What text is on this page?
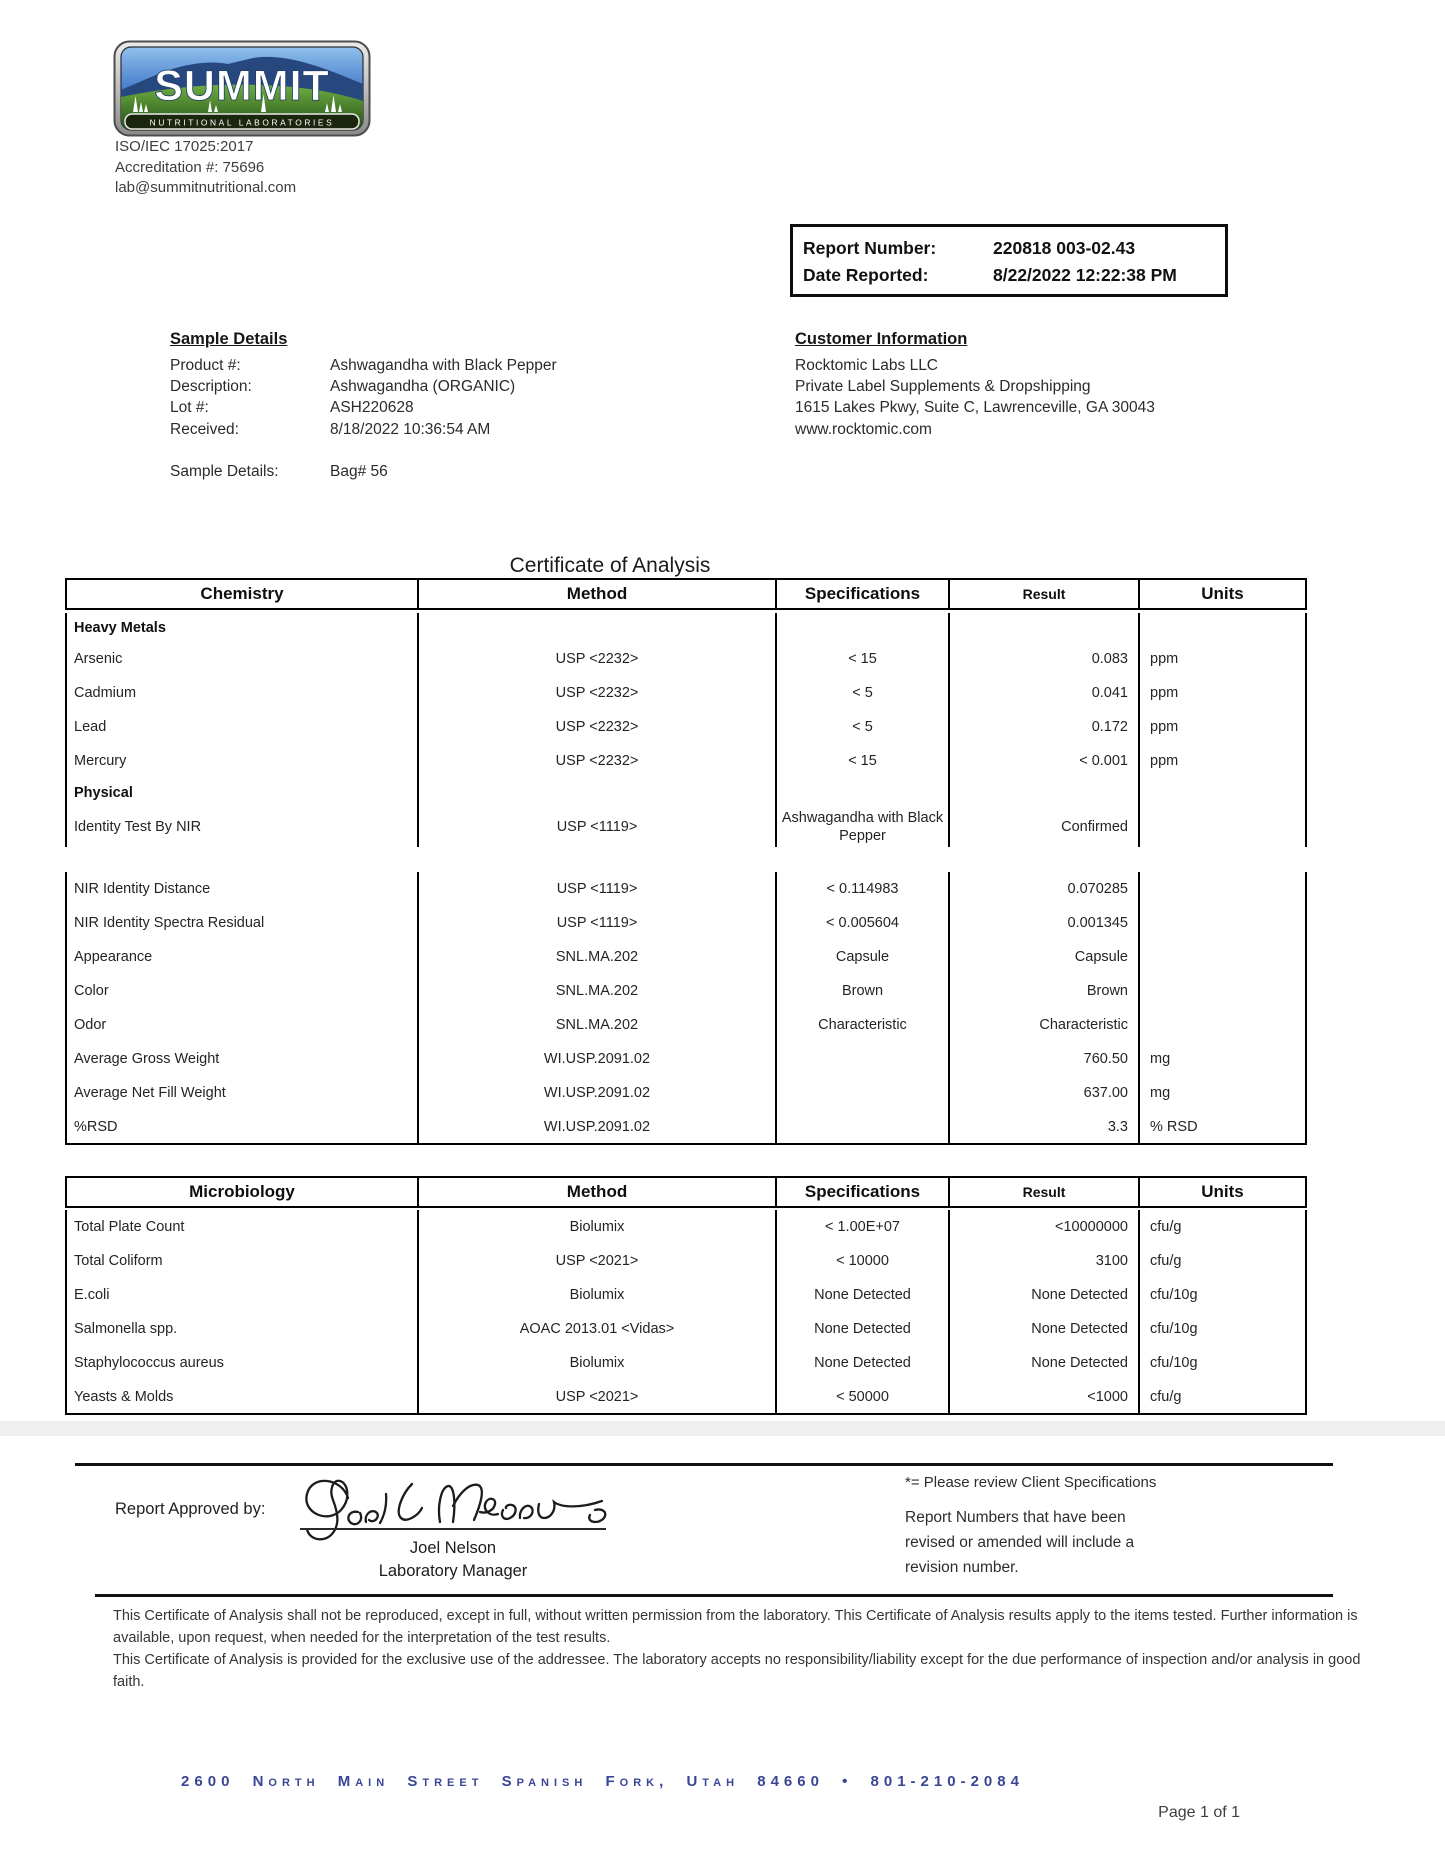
SUMMIT
NUTRITIONAL LABORATORIES
ISO/IEC 17025:2017
Accreditation #: 75696
lab@summitnutritional.com
Report Number:	220818 003-02.43
Date Reported:	8/22/2022 12:22:38 PM
Sample Details
Product #:	Ashwagandha with Black Pepper
Description:	Ashwagandha (ORGANIC)
Lot #:	ASH220628
Received:	8/18/2022 10:36:54 AM
Sample Details:	Bag# 56
Customer Information
Rocktomic Labs LLC
Private Label Supplements & Dropshipping
1615 Lakes Pkwy, Suite C, Lawrenceville, GA 30043
www.rocktomic.com
Certificate of Analysis
Chemistry	Method	Specifications	Result	Units
Heavy Metals				
Arsenic	USP <2232>	< 15	0.083	ppm
Cadmium	USP <2232>	< 5	0.041	ppm
Lead	USP <2232>	< 5	0.172	ppm
Mercury	USP <2232>	< 15	< 0.001	ppm
Physical				
Identity Test By NIR	USP <1119>	Ashwagandha with Black Pepper	Confirmed	
NIR Identity Distance	USP <1119>	< 0.114983	0.070285	
NIR Identity Spectra Residual	USP <1119>	< 0.005604	0.001345	
Appearance	SNL.MA.202	Capsule	Capsule	
Color	SNL.MA.202	Brown	Brown	
Odor	SNL.MA.202	Characteristic	Characteristic	
Average Gross Weight	WI.USP.2091.02		760.50	mg
Average Net Fill Weight	WI.USP.2091.02		637.00	mg
%RSD	WI.USP.2091.02		3.3	% RSD
Microbiology	Method	Specifications	Result	Units
Total Plate Count	Biolumix	< 1.00E+07	<10000000	cfu/g
Total Coliform	USP <2021>	< 10000	3100	cfu/g
E.coli	Biolumix	None Detected	None Detected	cfu/10g
Salmonella spp.	AOAC 2013.01 <Vidas>	None Detected	None Detected	cfu/10g
Staphylococcus aureus	Biolumix	None Detected	None Detected	cfu/10g
Yeasts & Molds	USP <2021>	< 50000	<1000	cfu/g
Report Approved by:
Joel Nelson
Laboratory Manager
*= Please review Client Specifications
Report Numbers that have been revised or amended will include a revision number.
This Certificate of Analysis shall not be reproduced, except in full, without written permission from the laboratory. This Certificate of Analysis results apply to the items tested. Further information is available, upon request, when needed for the interpretation of the test results.
This Certificate of Analysis is provided for the exclusive use of the addressee. The laboratory accepts no responsibility/liability except for the due performance of inspection and/or analysis in good faith.
2600 North Main Street Spanish Fork, Utah 84660 • 801-210-2084
Page 1 of 1
